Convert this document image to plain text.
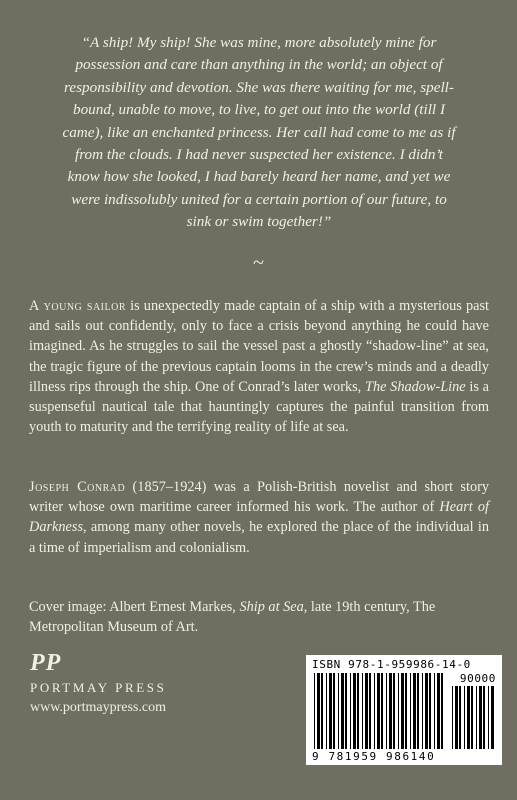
“A ship! My ship! She was mine, more absolutely mine for possession and care than anything in the world; an object of responsibility and devotion. She was there waiting for me, spell-bound, unable to move, to live, to get out into the world (till I came), like an enchanted princess. Her call had come to me as if from the clouds. I had never suspected her existence. I didn’t know how she looked, I had barely heard her name, and yet we were indissolubly united for a certain portion of our future, to sink or swim together!”

~

A young sailor is unexpectedly made captain of a ship with a mysterious past and sails out confidently, only to face a crisis beyond anything he could have imagined. As he struggles to sail the vessel past a ghostly “shadow-line” at sea, the tragic figure of the previous captain looms in the crew’s minds and a deadly illness rips through the ship. One of Conrad’s later works, The Shadow-Line is a suspenseful nautical tale that hauntingly captures the painful transition from youth to maturity and the terrifying reality of life at sea.

Joseph Conrad (1857–1924) was a Polish-British novelist and short story writer whose own maritime career informed his work. The author of Heart of Darkness, among many other novels, he explored the place of the individual in a time of imperialism and colonialism.

Cover image: Albert Ernest Markes, Ship at Sea, late 19th century, The Metropolitan Museum of Art.

PP
PORTMAY PRESS
www.portmaypress.com
ISBN 978-1-959986-14-0
90000
9 781959 986140
